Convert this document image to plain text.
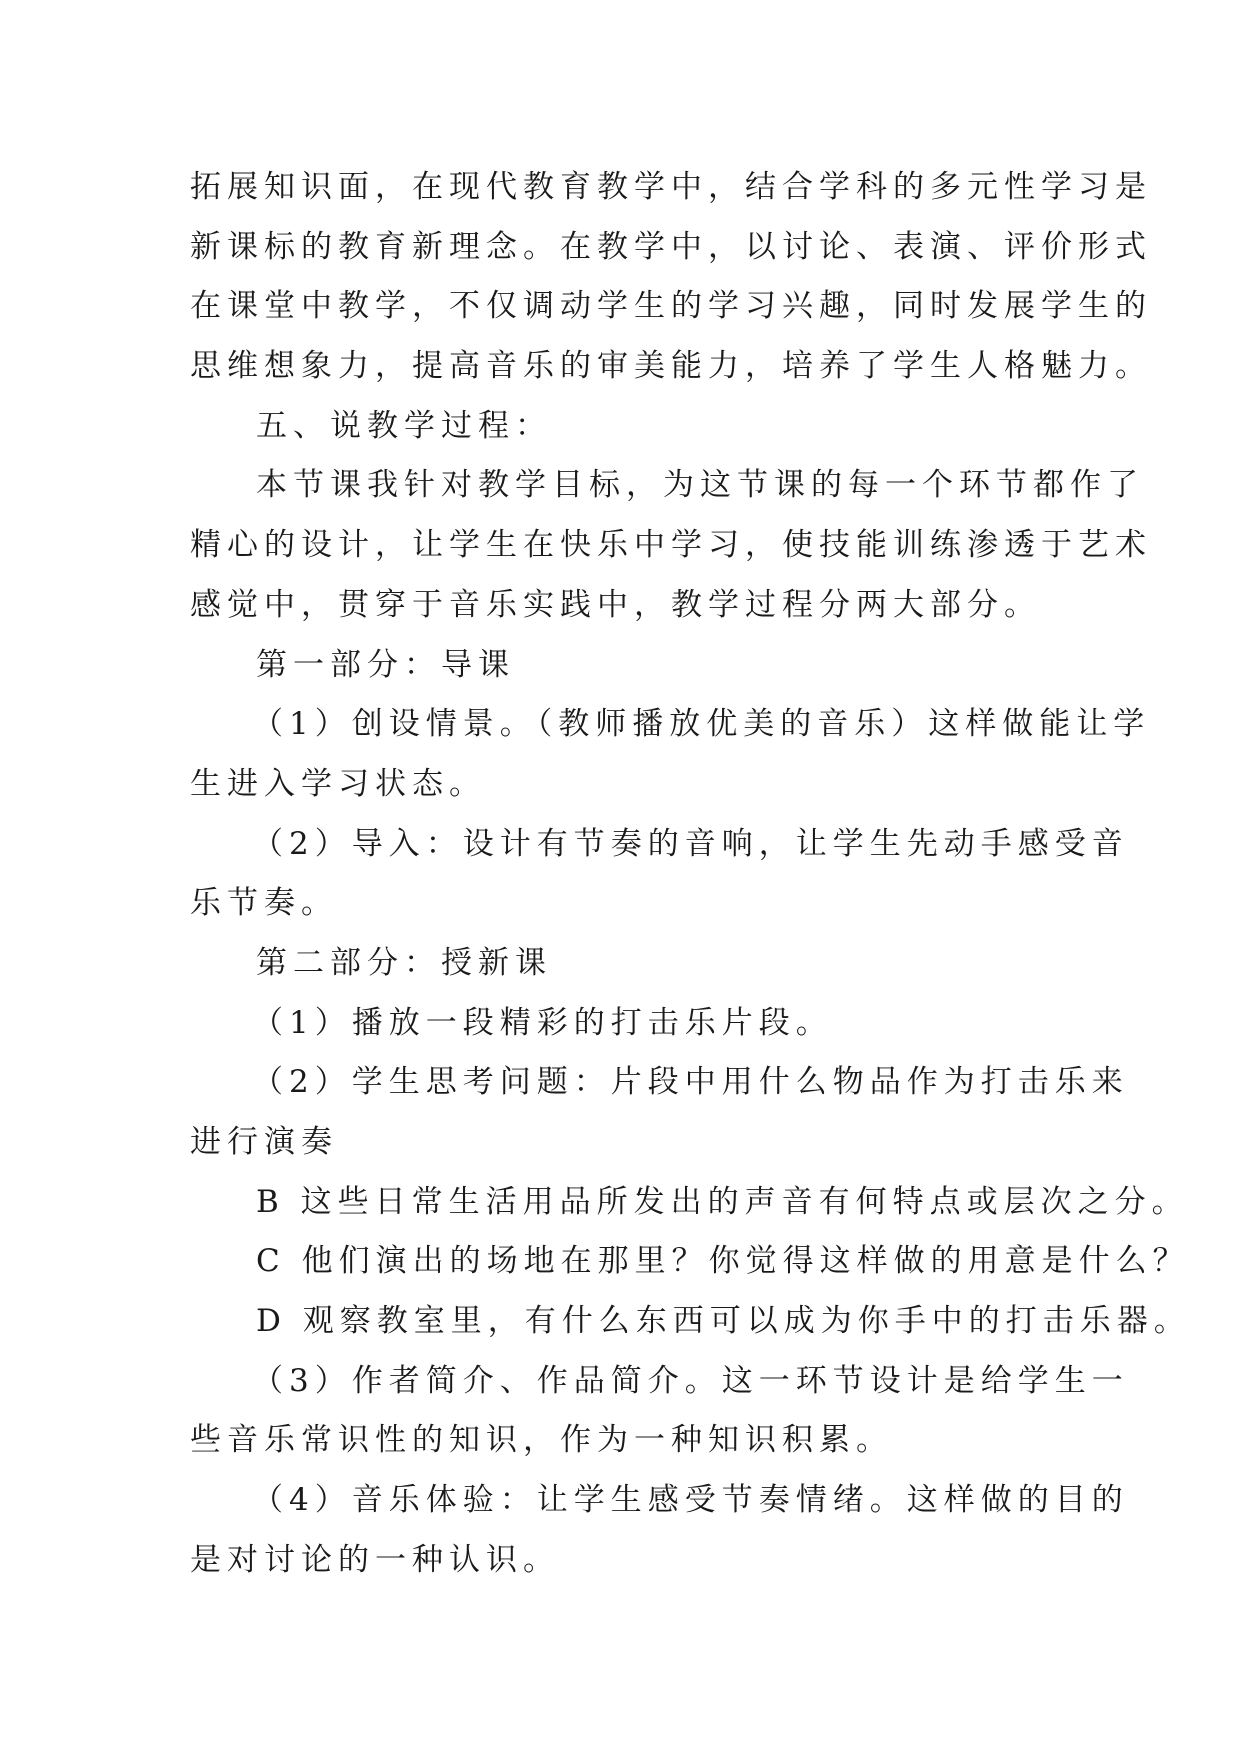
拓展知识面，在现代教育教学中，结合学科的多元性学习是
新课标的教育新理念。在教学中，以讨论、表演、评价形式
在课堂中教学，不仅调动学生的学习兴趣，同时发展学生的
思维想象力，提高音乐的审美能力，培养了学生人格魅力。
五、说教学过程：
本节课我针对教学目标，为这节课的每一个环节都作了
精心的设计，让学生在快乐中学习，使技能训练渗透于艺术
感觉中，贯穿于音乐实践中，教学过程分两大部分。
第一部分：导课
（1）创设情景。（教师播放优美的音乐）这样做能让学
生进入学习状态。
（2）导入：设计有节奏的音响，让学生先动手感受音
乐节奏。
第二部分：授新课
（1）播放一段精彩的打击乐片段。
（2）学生思考问题：片段中用什么物品作为打击乐来
进行演奏
B 这些日常生活用品所发出的声音有何特点或层次之分。
C 他们演出的场地在那里？你觉得这样做的用意是什么？
D 观察教室里，有什么东西可以成为你手中的打击乐器。
（3）作者简介、作品简介。这一环节设计是给学生一
些音乐常识性的知识，作为一种知识积累。
（4）音乐体验：让学生感受节奏情绪。这样做的目的
是对讨论的一种认识。
